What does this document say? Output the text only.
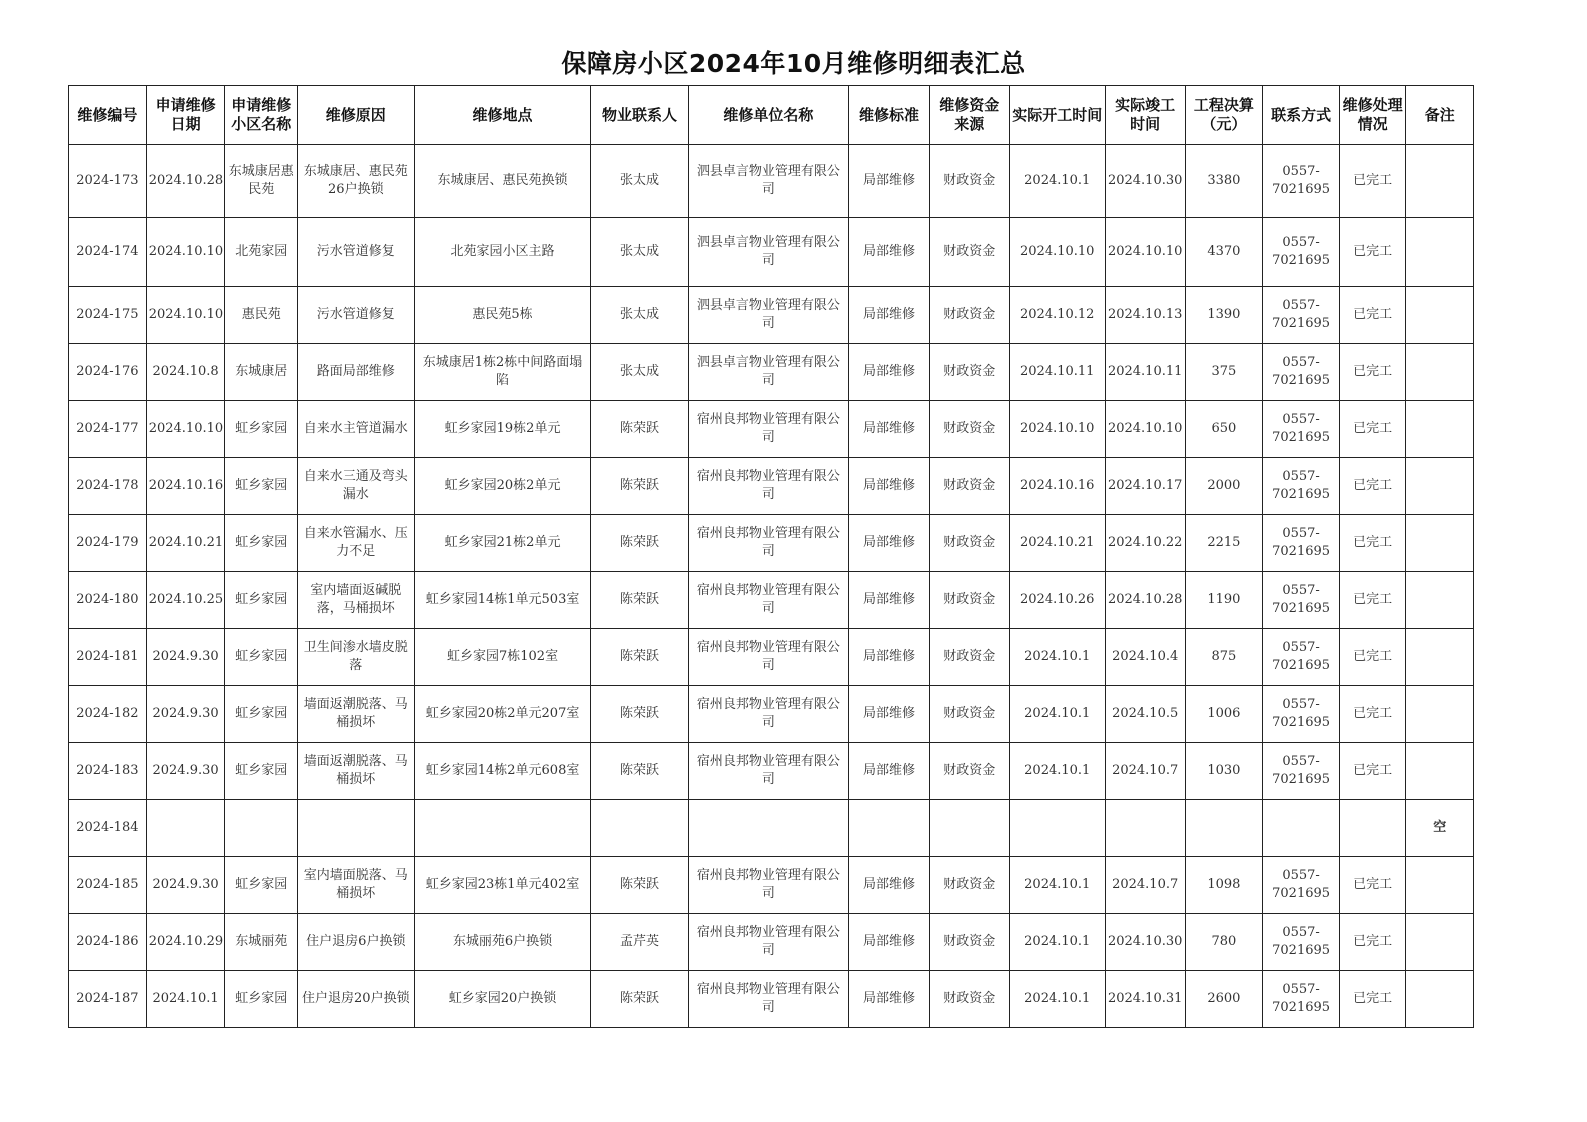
保障房小区2024年10月维修明细表汇总
维修编号	申请维修日期	申请维修小区名称	维修原因	维修地点	物业联系人	维修单位名称	维修标准	维修资金来源	实际开工时间	实际竣工时间	工程决算（元）	联系方式	维修处理情况	备注
2024-173	2024.10.28	东城康居惠民苑	东城康居、惠民苑26户换锁	东城康居、惠民苑换锁	张太成	泗县卓言物业管理有限公司	局部维修	财政资金	2024.10.1	2024.10.30	3380	0557-7021695	已完工	
2024-174	2024.10.10	北苑家园	污水管道修复	北苑家园小区主路	张太成	泗县卓言物业管理有限公司	局部维修	财政资金	2024.10.10	2024.10.10	4370	0557-7021695	已完工	
2024-175	2024.10.10	惠民苑	污水管道修复	惠民苑5栋	张太成	泗县卓言物业管理有限公司	局部维修	财政资金	2024.10.12	2024.10.13	1390	0557-7021695	已完工	
2024-176	2024.10.8	东城康居	路面局部维修	东城康居1栋2栋中间路面塌陷	张太成	泗县卓言物业管理有限公司	局部维修	财政资金	2024.10.11	2024.10.11	375	0557-7021695	已完工	
2024-177	2024.10.10	虹乡家园	自来水主管道漏水	虹乡家园19栋2单元	陈荣跃	宿州良邦物业管理有限公司	局部维修	财政资金	2024.10.10	2024.10.10	650	0557-7021695	已完工	
2024-178	2024.10.16	虹乡家园	自来水三通及弯头漏水	虹乡家园20栋2单元	陈荣跃	宿州良邦物业管理有限公司	局部维修	财政资金	2024.10.16	2024.10.17	2000	0557-7021695	已完工	
2024-179	2024.10.21	虹乡家园	自来水管漏水、压力不足	虹乡家园21栋2单元	陈荣跃	宿州良邦物业管理有限公司	局部维修	财政资金	2024.10.21	2024.10.22	2215	0557-7021695	已完工	
2024-180	2024.10.25	虹乡家园	室内墙面返碱脱落，马桶损坏	虹乡家园14栋1单元503室	陈荣跃	宿州良邦物业管理有限公司	局部维修	财政资金	2024.10.26	2024.10.28	1190	0557-7021695	已完工	
2024-181	2024.9.30	虹乡家园	卫生间渗水墙皮脱落	虹乡家园7栋102室	陈荣跃	宿州良邦物业管理有限公司	局部维修	财政资金	2024.10.1	2024.10.4	875	0557-7021695	已完工	
2024-182	2024.9.30	虹乡家园	墙面返潮脱落、马桶损坏	虹乡家园20栋2单元207室	陈荣跃	宿州良邦物业管理有限公司	局部维修	财政资金	2024.10.1	2024.10.5	1006	0557-7021695	已完工	
2024-183	2024.9.30	虹乡家园	墙面返潮脱落、马桶损坏	虹乡家园14栋2单元608室	陈荣跃	宿州良邦物业管理有限公司	局部维修	财政资金	2024.10.1	2024.10.7	1030	0557-7021695	已完工	
2024-184														空
2024-185	2024.9.30	虹乡家园	室内墙面脱落、马桶损坏	虹乡家园23栋1单元402室	陈荣跃	宿州良邦物业管理有限公司	局部维修	财政资金	2024.10.1	2024.10.7	1098	0557-7021695	已完工	
2024-186	2024.10.29	东城丽苑	住户退房6户换锁	东城丽苑6户换锁	孟芹英	宿州良邦物业管理有限公司	局部维修	财政资金	2024.10.1	2024.10.30	780	0557-7021695	已完工	
2024-187	2024.10.1	虹乡家园	住户退房20户换锁	虹乡家园20户换锁	陈荣跃	宿州良邦物业管理有限公司	局部维修	财政资金	2024.10.1	2024.10.31	2600	0557-7021695	已完工	
